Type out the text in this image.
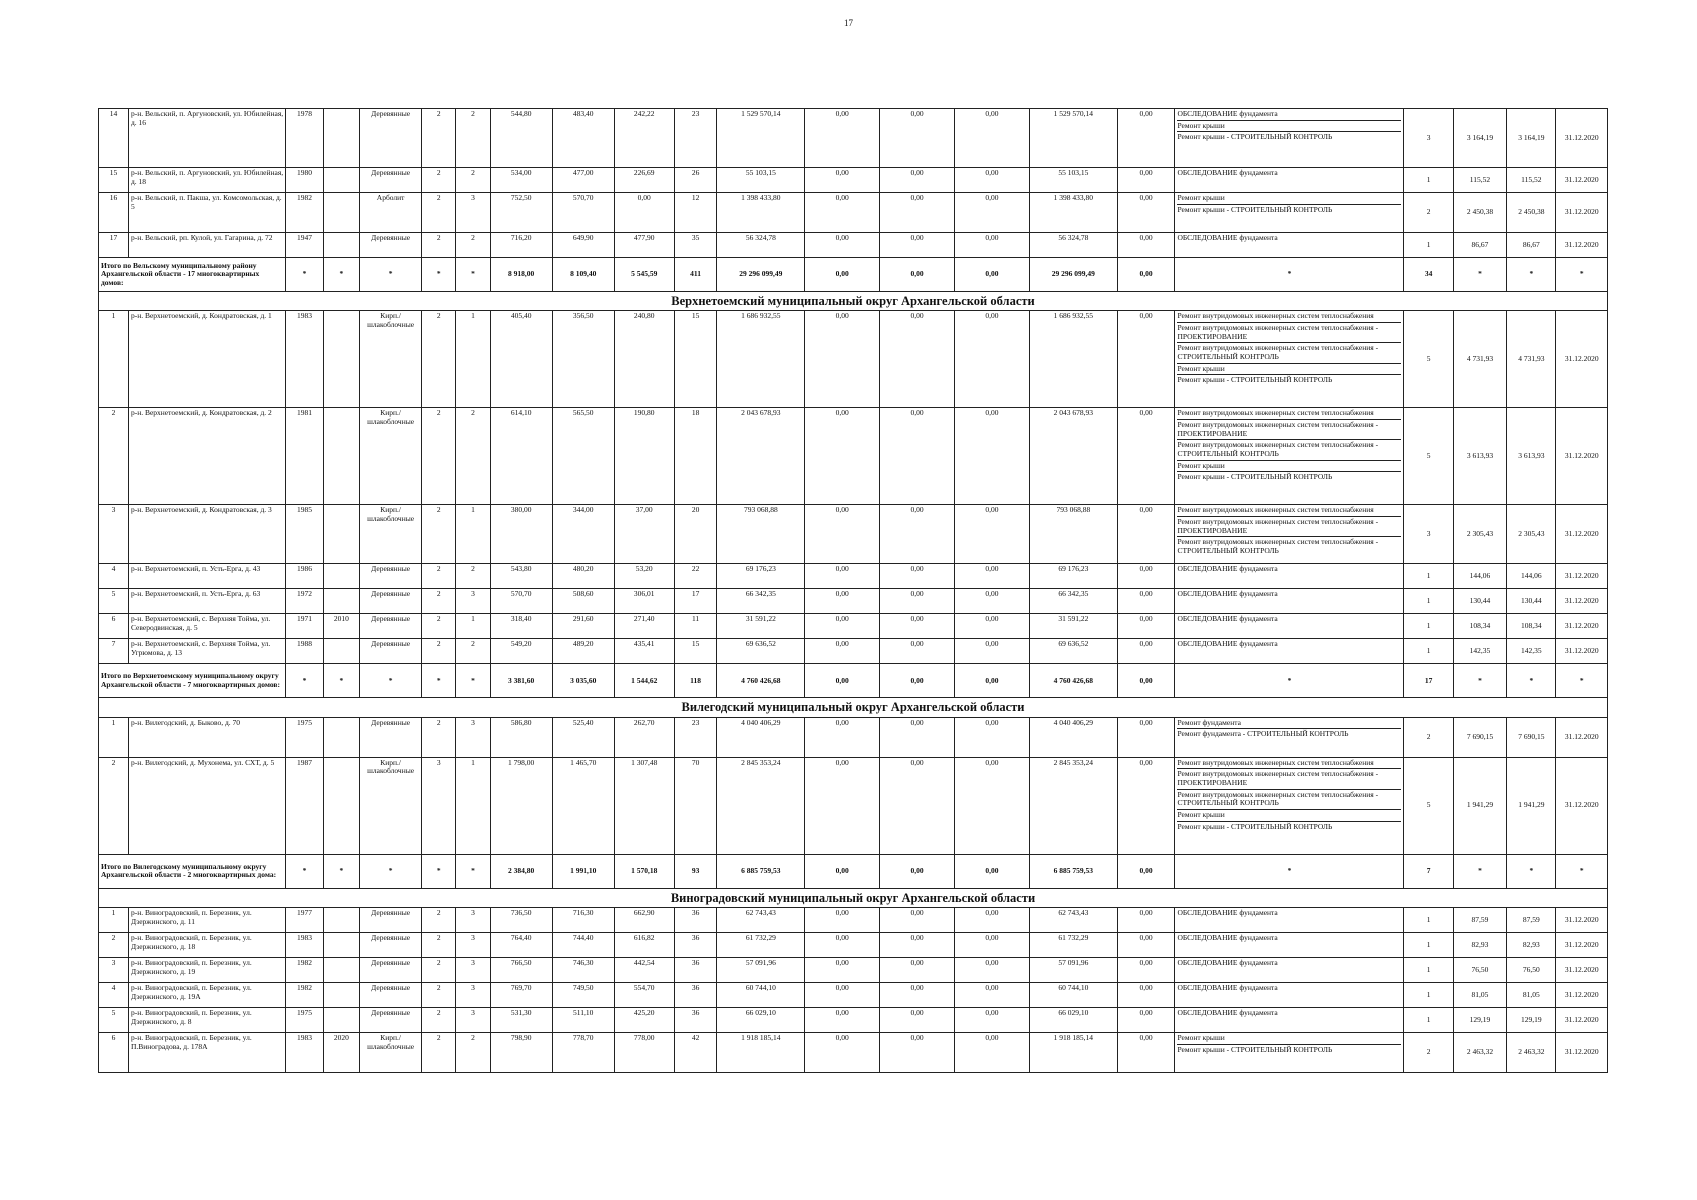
17
14	р-н. Вельский, п. Аргуновский, ул. Юбилейная, д. 16	1978		Деревянные	2	2	544,80	483,40	242,22	23	1 529 570,14	0,00	0,00	0,00	1 529 570,14	0,00	ОБСЛЕДОВАНИЕ фундамента
Ремонт крыши
Ремонт крыши - СТРОИТЕЛЬНЫЙ КОНТРОЛЬ	3	3 164,19	3 164,19	31.12.2020
15	р-н. Вельский, п. Аргуновский, ул. Юбилейная, д. 18	1980		Деревянные	2	2	534,00	477,00	226,69	26	55 103,15	0,00	0,00	0,00	55 103,15	0,00	ОБСЛЕДОВАНИЕ фундамента	1	115,52	115,52	31.12.2020
16	р-н. Вельский, п. Пакша, ул. Комсомольская, д. 5	1982		Арболит	2	3	752,50	570,70	0,00	12	1 398 433,80	0,00	0,00	0,00	1 398 433,80	0,00	Ремонт крыши
Ремонт крыши - СТРОИТЕЛЬНЫЙ КОНТРОЛЬ	2	2 450,38	2 450,38	31.12.2020
17	р-н. Вельский, рп. Кулой, ул. Гагарина, д. 72	1947		Деревянные	2	2	716,20	649,90	477,90	35	56 324,78	0,00	0,00	0,00	56 324,78	0,00	ОБСЛЕДОВАНИЕ фундамента	1	86,67	86,67	31.12.2020
Итого по Вельскому муниципальному району Архангельской области - 17 многоквартирных домов:		*	*	*	*	*	8 918,00	8 109,40	5 545,59	411	29 296 099,49	0,00	0,00	0,00	29 296 099,49	0,00	*	34	*	*	*
Верхнетоемский муниципальный округ Архангельской области																					
1	р-н. Верхнетоемский, д. Кондратовская, д. 1	1983		Кирп./шлакоблочные	2	1	405,40	356,50	240,80	15	1 686 932,55	0,00	0,00	0,00	1 686 932,55	0,00	Ремонт внутридомовых инженерных систем теплоснабжения
Ремонт внутридомовых инженерных систем теплоснабжения - ПРОЕКТИРОВАНИЕ
Ремонт внутридомовых инженерных систем теплоснабжения - СТРОИТЕЛЬНЫЙ КОНТРОЛЬ
Ремонт крыши
Ремонт крыши - СТРОИТЕЛЬНЫЙ КОНТРОЛЬ	5	4 731,93	4 731,93	31.12.2020
2	р-н. Верхнетоемский, д. Кондратовская, д. 2	1981		Кирп./шлакоблочные	2	2	614,10	565,50	190,80	18	2 043 678,93	0,00	0,00	0,00	2 043 678,93	0,00	Ремонт внутридомовых инженерных систем теплоснабжения
Ремонт внутридомовых инженерных систем теплоснабжения - ПРОЕКТИРОВАНИЕ
Ремонт внутридомовых инженерных систем теплоснабжения - СТРОИТЕЛЬНЫЙ КОНТРОЛЬ
Ремонт крыши
Ремонт крыши - СТРОИТЕЛЬНЫЙ КОНТРОЛЬ	5	3 613,93	3 613,93	31.12.2020
3	р-н. Верхнетоемский, д. Кондратовская, д. 3	1985		Кирп./шлакоблочные	2	1	380,00	344,00	37,00	20	793 068,88	0,00	0,00	0,00	793 068,88	0,00	Ремонт внутридомовых инженерных систем теплоснабжения
Ремонт внутридомовых инженерных систем теплоснабжения - ПРОЕКТИРОВАНИЕ
Ремонт внутридомовых инженерных систем теплоснабжения - СТРОИТЕЛЬНЫЙ КОНТРОЛЬ	3	2 305,43	2 305,43	31.12.2020
4	р-н. Верхнетоемский, п. Усть-Ерга, д. 43	1986		Деревянные	2	2	543,80	480,20	53,20	22	69 176,23	0,00	0,00	0,00	69 176,23	0,00	ОБСЛЕДОВАНИЕ фундамента	1	144,06	144,06	31.12.2020
5	р-н. Верхнетоемский, п. Усть-Ерга, д. 63	1972		Деревянные	2	3	570,70	508,60	306,01	17	66 342,35	0,00	0,00	0,00	66 342,35	0,00	ОБСЛЕДОВАНИЕ фундамента	1	130,44	130,44	31.12.2020
6	р-н. Верхнетоемский, с. Верхняя Тойма, ул. Северодвинская, д. 5	1971	2010	Деревянные	2	1	318,40	291,60	271,40	11	31 591,22	0,00	0,00	0,00	31 591,22	0,00	ОБСЛЕДОВАНИЕ фундамента	1	108,34	108,34	31.12.2020
7	р-н. Верхнетоемский, с. Верхняя Тойма, ул. Угрюмова, д. 13	1988		Деревянные	2	2	549,20	489,20	435,41	15	69 636,52	0,00	0,00	0,00	69 636,52	0,00	ОБСЛЕДОВАНИЕ фундамента	1	142,35	142,35	31.12.2020
Итого по Верхнетоемскому муниципальному округу Архангельской области - 7 многоквартирных домов:		*	*	*	*	*	3 381,60	3 035,60	1 544,62	118	4 760 426,68	0,00	0,00	0,00	4 760 426,68	0,00	*	17	*	*	*
Вилегодский муниципальный округ Архангельской области																					
1	р-н. Вилегодский, д. Быково, д. 70	1975		Деревянные	2	3	586,80	525,40	262,70	23	4 040 406,29	0,00	0,00	0,00	4 040 406,29	0,00	Ремонт фундамента
Ремонт фундамента - СТРОИТЕЛЬНЫЙ КОНТРОЛЬ	2	7 690,15	7 690,15	31.12.2020
2	р-н. Вилегодский, д. Мухонема, ул. СХТ, д. 5	1987		Кирп./шлакоблочные	3	1	1 798,00	1 465,70	1 307,48	70	2 845 353,24	0,00	0,00	0,00	2 845 353,24	0,00	Ремонт внутридомовых инженерных систем теплоснабжения
Ремонт внутридомовых инженерных систем теплоснабжения - ПРОЕКТИРОВАНИЕ
Ремонт внутридомовых инженерных систем теплоснабжения - СТРОИТЕЛЬНЫЙ КОНТРОЛЬ
Ремонт крыши
Ремонт крыши - СТРОИТЕЛЬНЫЙ КОНТРОЛЬ	5	1 941,29	1 941,29	31.12.2020
Итого по Вилегодскому муниципальному округу Архангельской области - 2 многоквартирных дома:		*	*	*	*	*	2 384,80	1 991,10	1 570,18	93	6 885 759,53	0,00	0,00	0,00	6 885 759,53	0,00	*	7	*	*	*
Виноградовский муниципальный округ Архангельской области																					
1	р-н. Виноградовский, п. Березник, ул. Дзержинского, д. 11	1977		Деревянные	2	3	736,50	716,30	662,90	36	62 743,43	0,00	0,00	0,00	62 743,43	0,00	ОБСЛЕДОВАНИЕ фундамента	1	87,59	87,59	31.12.2020
2	р-н. Виноградовский, п. Березник, ул. Дзержинского, д. 18	1983		Деревянные	2	3	764,40	744,40	616,82	36	61 732,29	0,00	0,00	0,00	61 732,29	0,00	ОБСЛЕДОВАНИЕ фундамента	1	82,93	82,93	31.12.2020
3	р-н. Виноградовский, п. Березник, ул. Дзержинского, д. 19	1982		Деревянные	2	3	766,50	746,30	442,54	36	57 091,96	0,00	0,00	0,00	57 091,96	0,00	ОБСЛЕДОВАНИЕ фундамента	1	76,50	76,50	31.12.2020
4	р-н. Виноградовский, п. Березник, ул. Дзержинского, д. 19А	1982		Деревянные	2	3	769,70	749,50	554,70	36	60 744,10	0,00	0,00	0,00	60 744,10	0,00	ОБСЛЕДОВАНИЕ фундамента	1	81,05	81,05	31.12.2020
5	р-н. Виноградовский, п. Березник, ул. Дзержинского, д. 8	1975		Деревянные	2	3	531,30	511,10	425,20	36	66 029,10	0,00	0,00	0,00	66 029,10	0,00	ОБСЛЕДОВАНИЕ фундамента	1	129,19	129,19	31.12.2020
6	р-н. Виноградовский, п. Березник, ул. П.Виноградова, д. 178А	1983	2020	Кирп./шлакоблочные	2	2	798,90	778,70	778,00	42	1 918 185,14	0,00	0,00	0,00	1 918 185,14	0,00	Ремонт крыши
Ремонт крыши - СТРОИТЕЛЬНЫЙ КОНТРОЛЬ	2	2 463,32	2 463,32	31.12.2020
